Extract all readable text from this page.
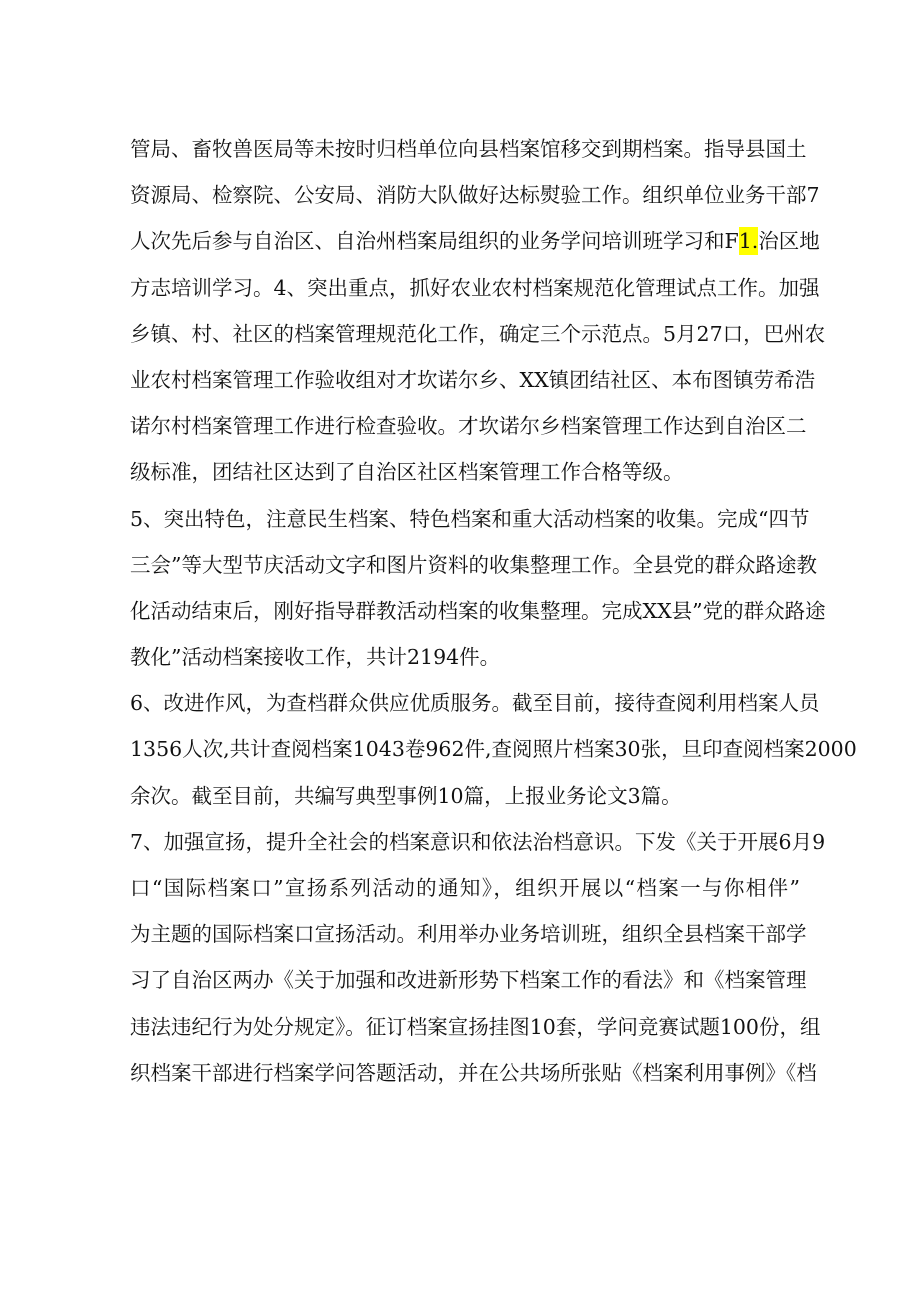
管局、畜牧兽医局等未按时归档单位向县档案馆移交到期档案。指导县国土
资源局、检察院、公安局、消防大队做好达标熨验工作。组织单位业务干部7
人次先后参与自治区、自治州档案局组织的业务学问培训班学习和F1.治区地
方志培训学习。4、突出重点，抓好农业农村档案规范化管理试点工作。加强
乡镇、村、社区的档案管理规范化工作，确定三个示范点。5月27口，巴州农
业农村档案管理工作验收组对才坎诺尔乡、XX镇团结社区、本布图镇劳希浩
诺尔村档案管理工作进行检查验收。才坎诺尔乡档案管理工作达到自治区二
级标准，团结社区达到了自治区社区档案管理工作合格等级。
5、突出特色，注意民生档案、特色档案和重大活动档案的收集。完成“四节
三会”等大型节庆活动文字和图片资料的收集整理工作。全县党的群众路途教
化活动结束后，刚好指导群教活动档案的收集整理。完成XX县”党的群众路途
教化”活动档案接收工作，共计2194件。
6、改进作风，为查档群众供应优质服务。截至目前，接待查阅利用档案人员
1356人次,共计查阅档案1043卷962件,查阅照片档案30张，旦印查阅档案2000
余次。截至目前，共编写典型事例10篇，上报业务论文3篇。
7、加强宣扬，提升全社会的档案意识和依法治档意识。下发《关于开展6月9
口“国际档案口”宣扬系列活动的通知》，组织开展以“档案一与你相伴”
为主题的国际档案口宣扬活动。利用举办业务培训班，组织全县档案干部学
习了自治区两办《关于加强和改进新形势下档案工作的看法》和《档案管理
违法违纪行为处分规定》。征订档案宣扬挂图10套，学问竞赛试题100份，组
织档案干部进行档案学问答题活动，并在公共场所张贴《档案利用事例》《档
